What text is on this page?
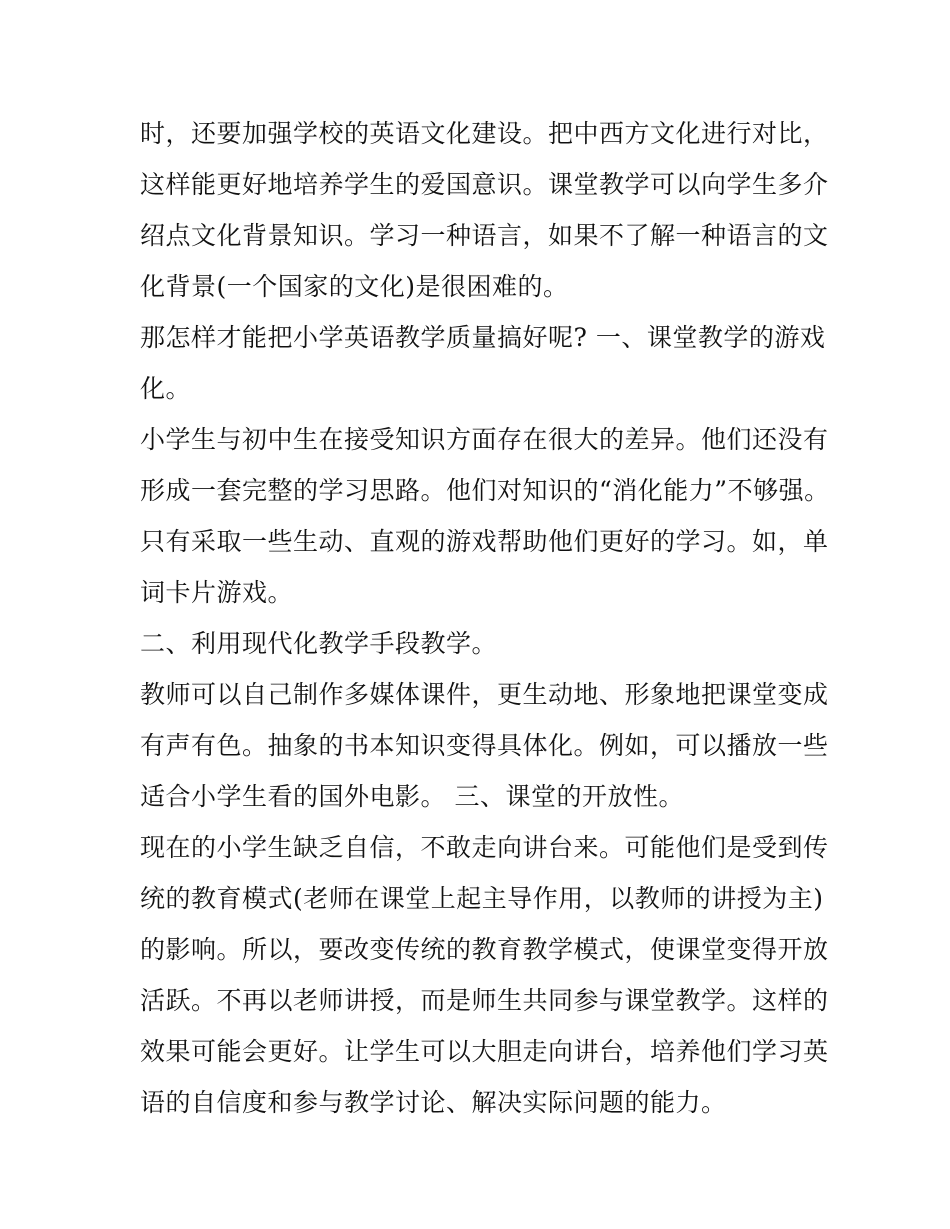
时，还要加强学校的英语文化建设。把中西方文化进行对比，
这样能更好地培养学生的爱国意识。课堂教学可以向学生多介
绍点文化背景知识。学习一种语言，如果不了解一种语言的文
化背景(一个国家的文化)是很困难的。
那怎样才能把小学英语教学质量搞好呢? 一、课堂教学的游戏
化。
小学生与初中生在接受知识方面存在很大的差异。他们还没有
形成一套完整的学习思路。他们对知识的“消化能力”不够强。
只有采取一些生动、直观的游戏帮助他们更好的学习。如，单
词卡片游戏。
二、利用现代化教学手段教学。
教师可以自己制作多媒体课件，更生动地、形象地把课堂变成
有声有色。抽象的书本知识变得具体化。例如，可以播放一些
适合小学生看的国外电影。 三、课堂的开放性。
现在的小学生缺乏自信，不敢走向讲台来。可能他们是受到传
统的教育模式(老师在课堂上起主导作用，以教师的讲授为主)
的影响。所以，要改变传统的教育教学模式，使课堂变得开放
活跃。不再以老师讲授，而是师生共同参与课堂教学。这样的
效果可能会更好。让学生可以大胆走向讲台，培养他们学习英
语的自信度和参与教学讨论、解决实际问题的能力。
